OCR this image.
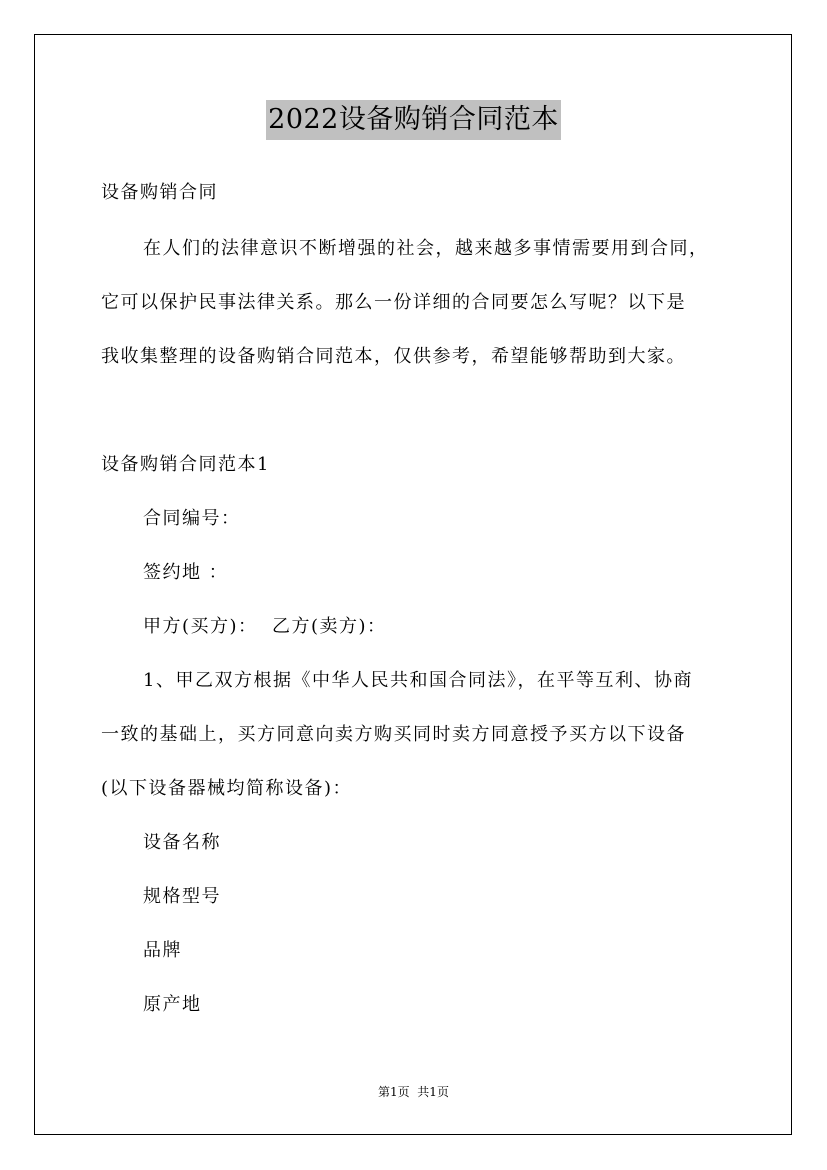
2022设备购销合同范本
设备购销合同
在人们的法律意识不断增强的社会，越来越多事情需要用到合同，
它可以保护民事法律关系。那么一份详细的合同要怎么写呢？以下是
我收集整理的设备购销合同范本，仅供参考，希望能够帮助到大家。
设备购销合同范本1
合同编号：
签约地 ：
甲方(买方)：  乙方(卖方)：
1、甲乙双方根据《中华人民共和国合同法》，在平等互利、协商
一致的基础上，买方同意向卖方购买同时卖方同意授予买方以下设备
(以下设备器械均简称设备)：
设备名称
规格型号
品牌
原产地
第1页  共1页
